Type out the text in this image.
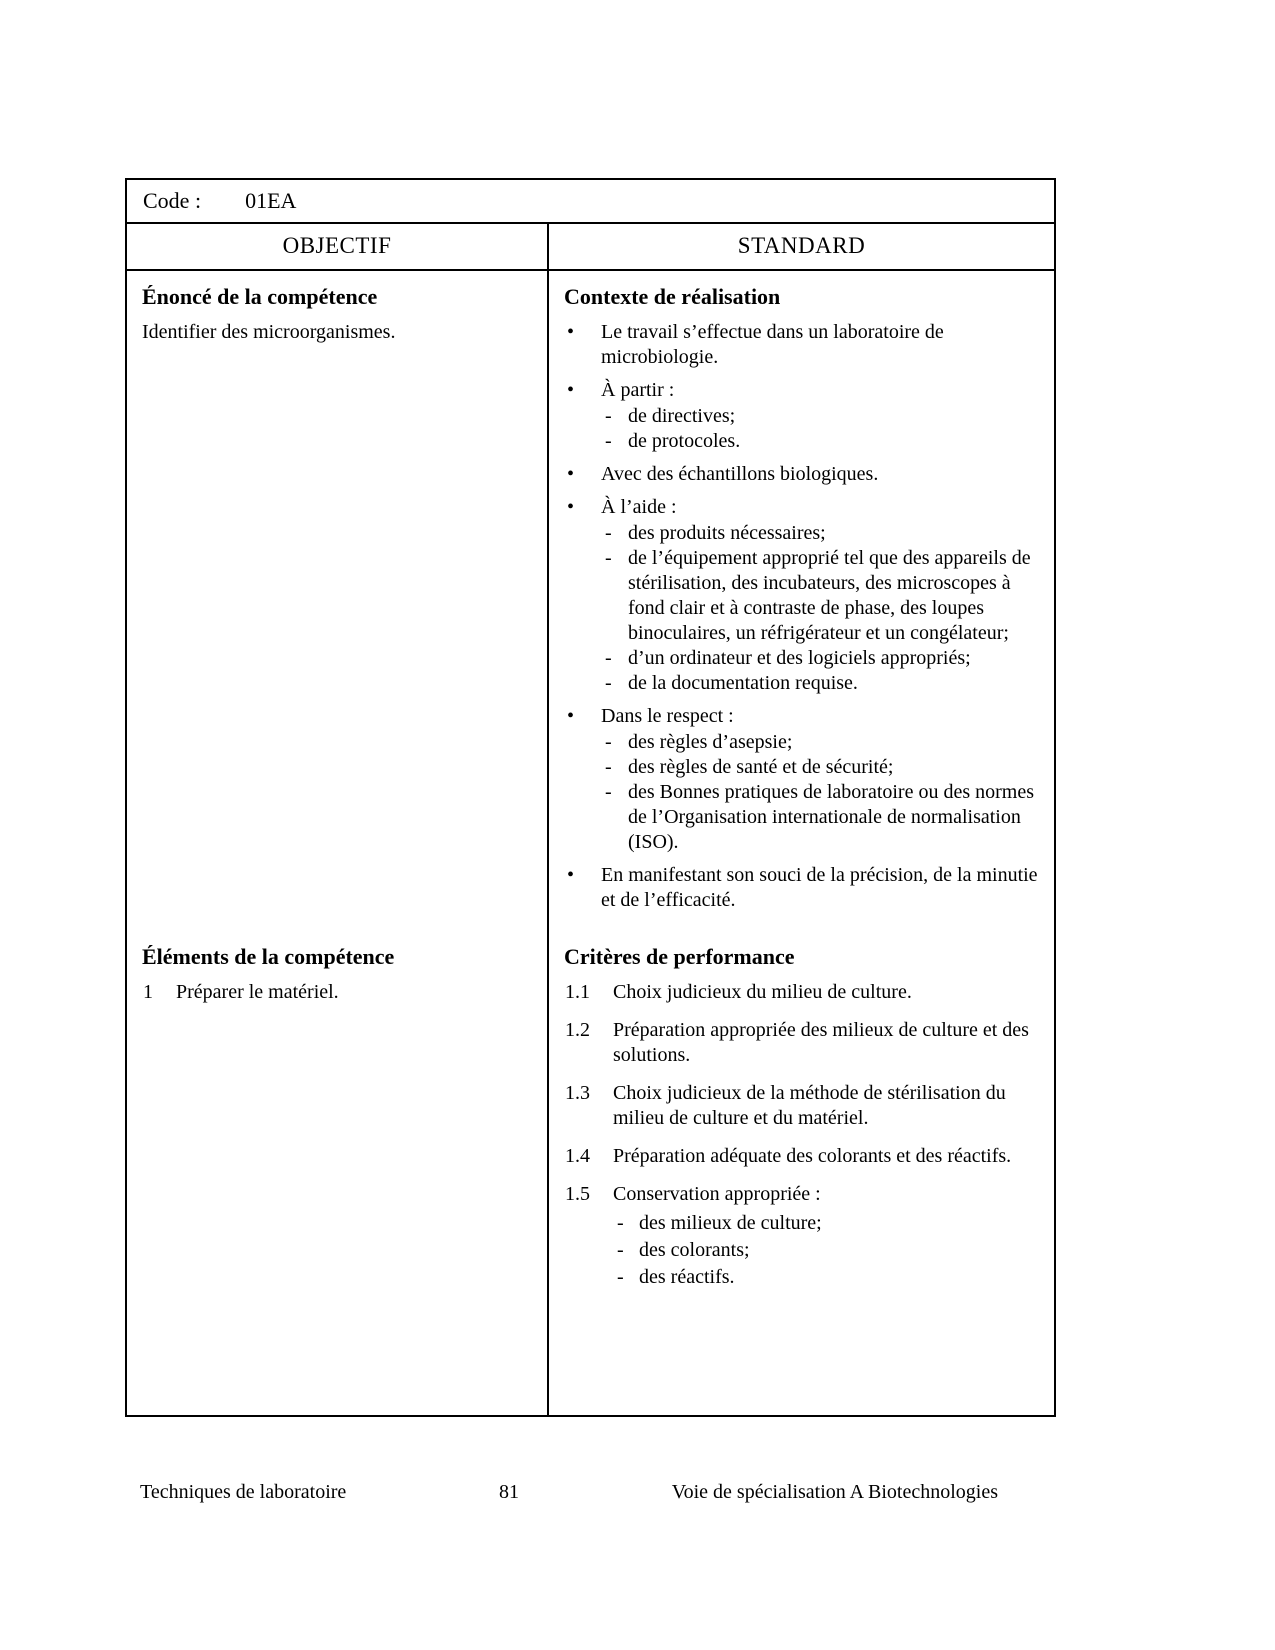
Code : 01EA
OBJECTIF	STANDARD
Énoncé de la compétence
Identifier des microorganismes.
Contexte de réalisation
• Le travail s’effectue dans un laboratoire de microbiologie.
• À partir :
- de directives;
- de protocoles.
• Avec des échantillons biologiques.
• À l’aide :
- des produits nécessaires;
- de l’équipement approprié tel que des appareils de stérilisation, des incubateurs, des microscopes à fond clair et à contraste de phase, des loupes binoculaires, un réfrigérateur et un congélateur;
- d’un ordinateur et des logiciels appropriés;
- de la documentation requise.
• Dans le respect :
- des règles d’asepsie;
- des règles de santé et de sécurité;
- des Bonnes pratiques de laboratoire ou des normes de l’Organisation internationale de normalisation (ISO).
• En manifestant son souci de la précision, de la minutie et de l’efficacité.
Éléments de la compétence
1 Préparer le matériel.
Critères de performance
1.1 Choix judicieux du milieu de culture.
1.2 Préparation appropriée des milieux de culture et des solutions.
1.3 Choix judicieux de la méthode de stérilisation du milieu de culture et du matériel.
1.4 Préparation adéquate des colorants et des réactifs.
1.5 Conservation appropriée :
- des milieux de culture;
- des colorants;
- des réactifs.
Techniques de laboratoire	81	Voie de spécialisation A Biotechnologies
